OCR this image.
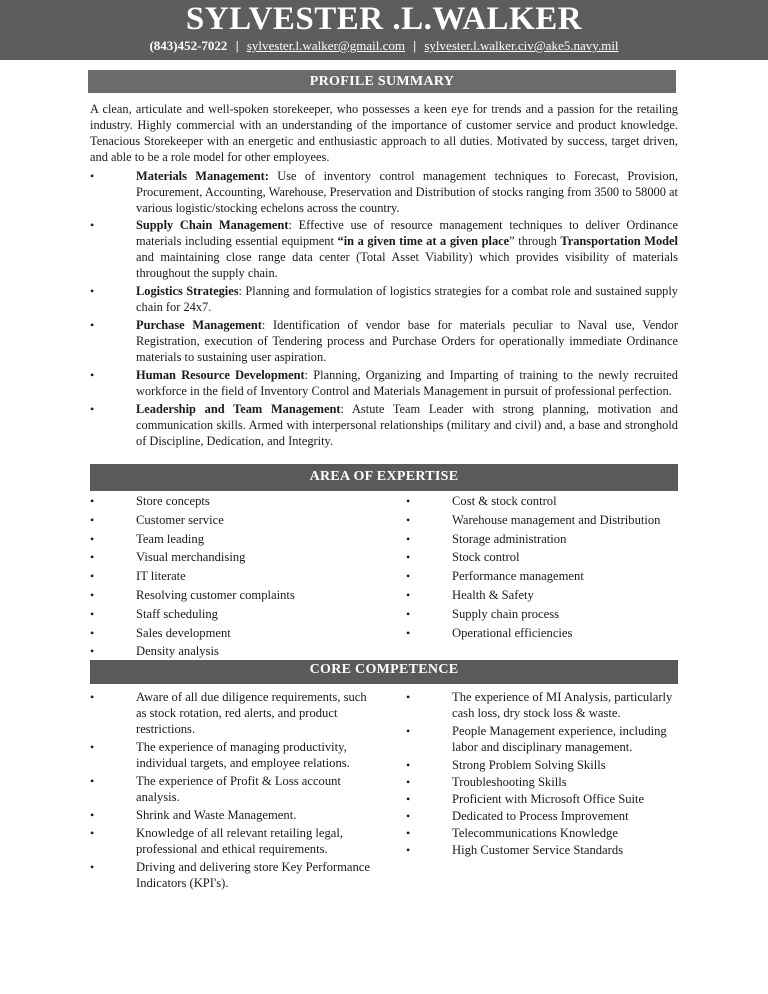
SYLVESTER .L.WALKER
(843)452-7022 | sylvester.l.walker@gmail.com | sylvester.l.walker.civ@ake5.navy.mil
PROFILE SUMMARY

A clean, articulate and well-spoken storekeeper, who possesses a keen eye for trends and a passion for the retailing industry. Highly commercial with an understanding of the importance of customer service and product knowledge. Tenacious Storekeeper with an energetic and enthusiastic approach to all duties. Motivated by success, target driven, and able to be a role model for other employees.

•	Materials Management: Use of inventory control management techniques to Forecast, Provision, Procurement, Accounting, Warehouse, Preservation and Distribution of stocks ranging from 3500 to 58000 at various logistic/stocking echelons across the country.
•	Supply Chain Management: Effective use of resource management techniques to deliver Ordinance materials including essential equipment “in a given time at a given place” through Transportation Model and maintaining close range data center (Total Asset Viability) which provides visibility of materials throughout the supply chain.
•	Logistics Strategies: Planning and formulation of logistics strategies for a combat role and sustained supply chain for 24x7.
•	Purchase Management: Identification of vendor base for materials peculiar to Naval use, Vendor Registration, execution of Tendering process and Purchase Orders for operationally immediate Ordinance materials to sustaining user aspiration.
•	Human Resource Development: Planning, Organizing and Imparting of training to the newly recruited workforce in the field of Inventory Control and Materials Management in pursuit of professional perfection.
•	Leadership and Team Management: Astute Team Leader with strong planning, motivation and communication skills. Armed with interpersonal relationships (military and civil) and, a base and stronghold of Discipline, Dedication, and Integrity.
AREA OF EXPERTISE
•	Store concepts
•	Customer service
•	Team leading
•	Visual merchandising
•	IT literate
•	Resolving customer complaints
•	Staff scheduling
•	Sales development
•	Density analysis
•	Cost & stock control
•	Warehouse management and Distribution
•	Storage administration
•	Stock control
•	Performance management
•	Health & Safety
•	Supply chain process
•	Operational efficiencies
CORE COMPETENCE
•	Aware of all due diligence requirements, such as stock rotation, red alerts, and product restrictions.
•	The experience of managing productivity, individual targets, and employee relations.
•	The experience of Profit & Loss account analysis.
•	Shrink and Waste Management.
•	Knowledge of all relevant retailing legal, professional and ethical requirements.
•	Driving and delivering store Key Performance Indicators (KPI's).
•	The experience of MI Analysis, particularly cash loss, dry stock loss & waste.
•	People Management experience, including labor and disciplinary management.
•	Strong Problem Solving Skills
•	Troubleshooting Skills
•	Proficient with Microsoft Office Suite
•	Dedicated to Process Improvement
•	Telecommunications Knowledge
•	High Customer Service Standards
